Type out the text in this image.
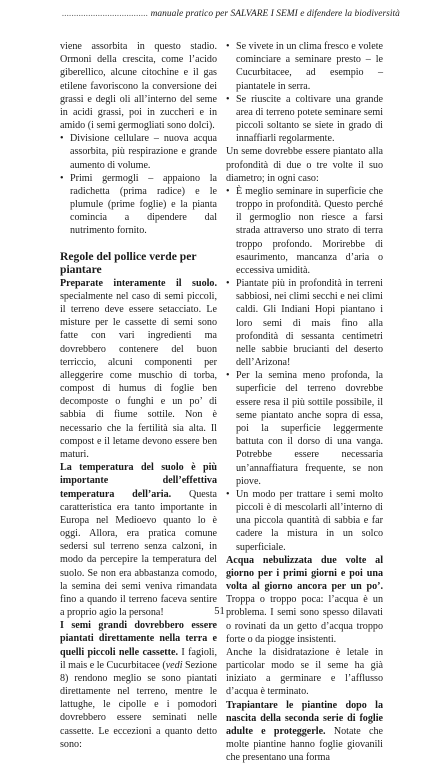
.................................... manuale pratico per SALVARE I SEMI e difendere la biodiversità

viene assorbita in questo stadio. Ormoni della crescita, come l’acido giberellico, alcune citochine e il gas etilene favoriscono la conversione dei grassi e degli oli all’interno del seme in acidi grassi, poi in zuccheri e in amido (i semi germogliati sono dolci).

• Divisione cellulare – nuova acqua assorbita, più respirazione e grande aumento di volume.

• Primi germogli – appaiono la radichetta (prima radice) e le plumule (prime foglie) e la pianta comincia a dipendere dal nutrimento fornito.

Regole del pollice verde per piantare

Preparate interamente il suolo. specialmente nel caso di semi piccoli, il terreno deve essere setacciato. Le misture per le cassette di semi sono fatte con vari ingredienti ma dovrebbero contenere del buon terriccio, alcuni componenti per alleggerire come muschio di torba, compost di humus di foglie ben decomposte o funghi e un po’ di sabbia di fiume sottile. Non è necessario che la fertilità sia alta. Il compost e il letame devono essere ben maturi.

La temperatura del suolo è più importante dell’effettiva temperatura dell’aria. Questa caratteristica era tanto importante in Europa nel Medioevo quanto lo è oggi. Allora, era pratica comune sedersi sul terreno senza calzoni, in modo da percepire la temperatura del suolo. Se non era abbastanza comodo, la semina dei semi veniva rimandata fino a quando il terreno faceva sentire a proprio agio la persona!

I semi grandi dovrebbero essere piantati direttamente nella terra e quelli piccoli nelle cassette. I fagioli, il mais e le Cucurbitacee (vedi Sezione 8) rendono meglio se sono piantati direttamente nel terreno, mentre le lattughe, le cipolle e i pomodori dovrebbero essere seminati nelle cassette. Le eccezioni a quanto detto sono:

• Se vivete in un clima fresco e volete cominciare a seminare presto – le Cucurbitacee, ad esempio – piantatele in serra.

• Se riuscite a coltivare una grande area di terreno potete seminare semi piccoli soltanto se siete in grado di innaffiarli regolarmente.

Un seme dovrebbe essere piantato alla profondità di due o tre volte il suo diametro; in ogni caso:

• È meglio seminare in superficie che troppo in profondità. Questo perché il germoglio non riesce a farsi strada attraverso uno strato di terra troppo profondo. Morirebbe di esaurimento, mancanza d’aria o eccessiva umidità.

• Piantate più in profondità in terreni sabbiosi, nei climi secchi e nei climi caldi. Gli Indiani Hopi piantano i loro semi di mais fino alla profondità di sessanta centimetri nelle sabbie brucianti del deserto dell’Arizona!

• Per la semina meno profonda, la superficie del terreno dovrebbe essere resa il più sottile possibile, il seme piantato anche sopra di essa, poi la superficie leggermente battuta con il dorso di una vanga. Potrebbe essere necessaria un’annaffiatura frequente, se non piove.

• Un modo per trattare i semi molto piccoli è di mescolarli all’interno di una piccola quantità di sabbia e far cadere la mistura in un solco superficiale.

Acqua nebulizzata due volte al giorno per i primi giorni e poi una volta al giorno ancora per un po’. Troppa o troppo poca: l’acqua è un problema. I semi sono spesso dilavati o rovinati da un getto d’acqua troppo forte o da piogge insistenti.

Anche la disidratazione è letale in particolar modo se il seme ha già iniziato a germinare e l’afflusso d’acqua è terminato.

Trapiantare le piantine dopo la nascita della seconda serie di foglie adulte e proteggerle. Notate che molte piantine hanno foglie giovanili che presentano una forma

51
